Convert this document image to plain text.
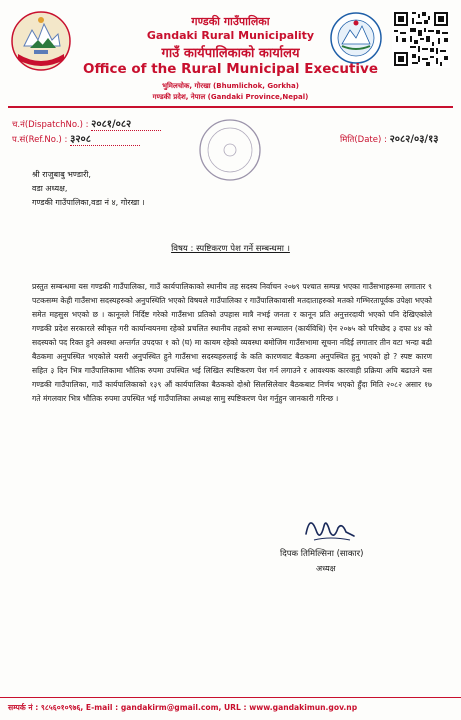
गण्डकी गाउँपालिका
Gandaki Rural Municipality
गाउँ कार्यपालिकाको कार्यालय
Office of the Rural Municipal Executive
भुमिलचोक, गोरखा (Bhumlichok, Gorkha)
गण्डकी प्रदेश, नेपाल (Gandaki Province,Nepal)
च.नं(DispatchNo.) : २०८१/०८२
प.सं(Ref.No.) : ३२०८	मिति(Date) : २०८२/०३/१३
श्री राजुबाबु भण्डारी,
वडा अध्यक्ष,
गण्डकी गाउँपालिका,वडा नं ४, गोरखा ।
विषय : स्पष्टिकरण पेश गर्ने सम्बन्धमा ।

प्रस्तुत सम्बन्धमा यस गण्डकी गाउँपालिका, गाउँ कार्यपालिकाको स्थानीय तह सदस्य निर्वाचन २०७९ पश्चात सम्पन्न भएका गाउँसभाहरूमा लगातार ९ पटकसम्म केही गाउँसभा सदस्यहरुको अनुपस्थिति भएको विषयले गाउँपालिका र गाउँपालिकावासी मतदाताहरुको मतको गम्भिरतापूर्वक उपेक्षा भएको समेत महसुस भएको छ । कानूनले निर्दिष्ट गरेको गाउँसभा प्रतिको उपहास मात्रै नभई जनता र कानून प्रति अनुत्तरदायी भएको पनि देखिएकोले गण्डकी प्रदेश सरकारले स्वीकृत गरी कार्यान्वयनमा रहेको प्रचलित स्थानीय तहको सभा सञ्चालन (कार्यविधि) ऐन २०७५ को परिच्छेद ३ दफा ४४ को सदस्यको पद रिक्त हुने अवस्था अन्तर्गत उपदफा १ को (घ) मा कायम रहेको व्यवस्था बमोजिम गाउँसभामा सूचना नदिई लगातार तीन वटा भन्दा बढी बैठकमा अनुपस्थित भएकोले यसरी अनुपस्थित हुने गाउँसभा सदस्यहरुलाई के कति कारणवाट बैठकमा अनुपस्थित हुनु भएको हो ? स्पष्ट कारण सहित ३ दिन भित्र गाउँपालिकामा भौतिक रुपमा उपस्थित भई लिखित स्पष्टिकरण पेश गर्न लगाउने र आवश्यक कारवाही प्रक्रिया अघि बढाउने यस गण्डकी गाउँपालिका, गाउँ कार्यपालिकाको १३९ औं कार्यपालिका बैठकको दोश्रो सिलसिलेवार बैठकबाट निर्णय भएको हुँदा मिति २०८२ असार १७ गते मंगलवार भित्र भौतिक रुपमा उपस्थित भई गाउँपालिका अध्यक्ष सामु स्पष्टिकरण पेश गर्नुहुन जानकारी गरिन्छ ।

दिपक तिमिल्सिना (साकार)
अध्यक्ष
सम्पर्क नं : ९८५६०१०९७६, E-mail : gandakirm@gmail.com, URL : www.gandakimun.gov.np
